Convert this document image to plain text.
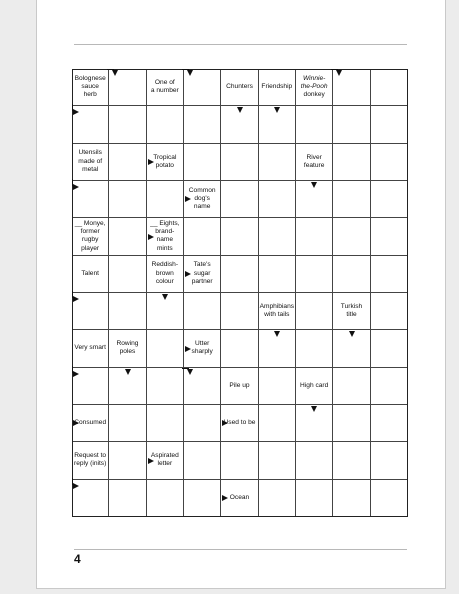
Bolognese
sauce herb
One of
a number
Chunters Friendship
Winnie-
the-Pooh
donkey
Utensils
made of
metal
Tropical
potato
River
feature
Common
dog's name
__ Monye,
former
rugby player
__ Eights,
brand-name
mints
Talent
Reddish-
brown colour
Tate's sugar
partner
Amphibians
with tails
Turkish title
Very smart
Rowing
poles
Utter
sharply
Pile up	High card
Consumed	Used to be
Request to
reply (inits)
Aspirated
letter
Ocean
4
